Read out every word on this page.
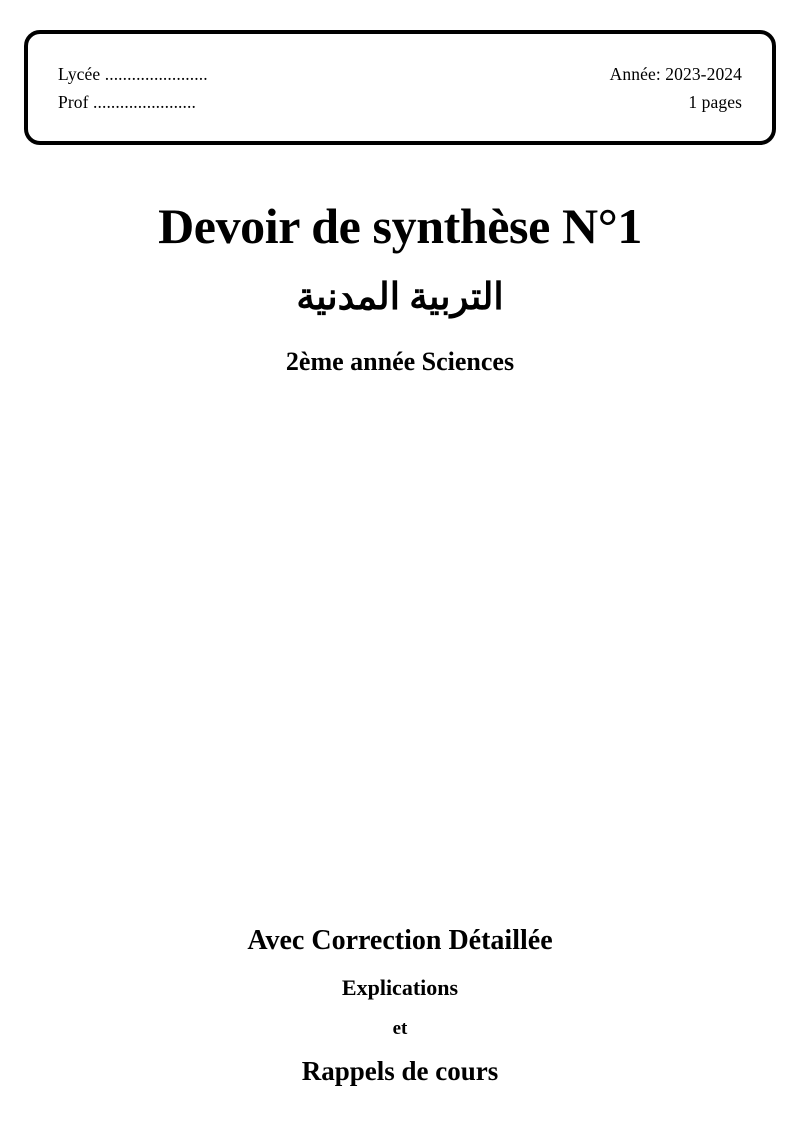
Lycée .......................	Année: 2023-2024
Prof .......................	1 pages
Devoir de synthèse N°1
التربية المدنية
2ème année Sciences
Avec Correction Détaillée
Explications
et
Rappels de cours
